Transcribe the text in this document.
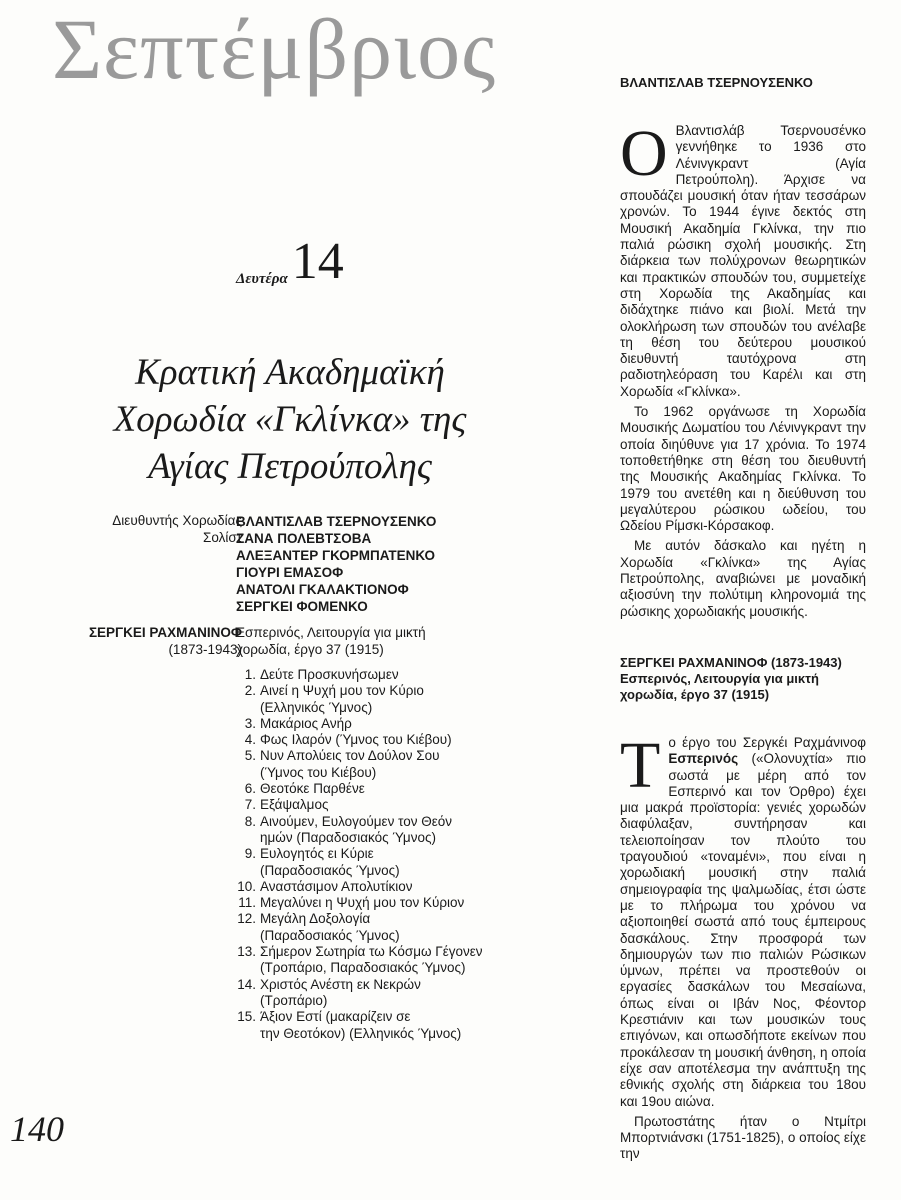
Σεπτέμβριος
Δευτέρα14
Κρατική Ακαδημαϊκή
Χορωδία «Γκλίνκα» της
Αγίας Πετρούπολης
Διευθυντής Χορωδίας
Σολίστ
ΒΛΑΝΤΙΣΛΑΒ ΤΣΕΡΝΟΥΣΕΝΚΟ
ΖΑΝΑ ΠΟΛΕΒΤΣΟΒΑ
ΑΛΕΞΑΝΤΕΡ ΓΚΟΡΜΠΑΤΕΝΚΟ
ΓΙΟΥΡΙ ΕΜΑΣΟΦ
ΑΝΑΤΟΛΙ ΓΚΑΛΑΚΤΙΟΝΟΦ
ΣΕΡΓΚΕΙ ΦΟΜΕΝΚΟ
ΣΕΡΓΚΕΙ ΡΑΧΜΑΝΙΝΟΦ
(1873-1943)
Εσπερινός, Λειτουργία για μικτή
χορωδία, έργο 37 (1915)
1. Δεύτε Προσκυνήσωμεν
2. Αινεί η Ψυχή μου τον Κύριο
(Ελληνικός Ύμνος)
3. Μακάριος Ανήρ
4. Φως Ιλαρόν (Ύμνος του Κιέβου)
5. Νυν Απολύεις τον Δούλον Σου
(Ύμνος του Κιέβου)
6. Θεοτόκε Παρθένε
7. Εξάψαλμος
8. Αινούμεν, Ευλογούμεν τον Θεόν
ημών (Παραδοσιακός Ύμνος)
9. Ευλογητός ει Κύριε
(Παραδοσιακός Ύμνος)
10. Αναστάσιμον Απολυτίκιον
11. Μεγαλύνει η Ψυχή μου τον Κύριον
12. Μεγάλη Δοξολογία
(Παραδοσιακός Ύμνος)
13. Σήμερον Σωτηρία τω Κόσμω Γέγονεν
(Τροπάριο, Παραδοσιακός Ύμνος)
14. Χριστός Ανέστη εκ Νεκρών
(Τροπάριο)
15. Άξιον Εστί (μακαρίζειν σε
την Θεοτόκον) (Ελληνικός Ύμνος)
140
ΒΛΑΝΤΙΣΛΑΒ ΤΣΕΡΝΟΥΣΕΝΚΟ

Ο Βλαντισλάβ Τσερνουσένκο γεννήθηκε το 1936 στο Λένινγκραντ (Αγία Πετρούπολη). Άρχισε να σπουδάζει μουσική όταν ήταν τεσσάρων χρονών. Το 1944 έγινε δεκτός στη Μουσική Ακαδημία Γκλίνκα, την πιο παλιά ρώσικη σχολή μουσικής. Στη διάρκεια των πολύχρονων θεωρητικών και πρακτικών σπουδών του, συμμετείχε στη Χορωδία της Ακαδημίας και διδάχτηκε πιάνο και βιολί. Μετά την ολοκλήρωση των σπουδών του ανέλαβε τη θέση του δεύτερου μουσικού διευθυντή ταυτόχρονα στη ραδιοτηλεόραση του Καρέλι και στη Χορωδία «Γκλίνκα».

Το 1962 οργάνωσε τη Χορωδία Μουσικής Δωματίου του Λένινγκραντ την οποία διηύθυνε για 17 χρόνια. Το 1974 τοποθετήθηκε στη θέση του διευθυντή της Μουσικής Ακαδημίας Γκλίνκα. Το 1979 του ανετέθη και η διεύθυνση του μεγαλύτερου ρώσικου ωδείου, του Ωδείου Ρίμσκι-Κόρσακοφ.

Με αυτόν δάσκαλο και ηγέτη η Χορωδία «Γκλίνκα» της Αγίας Πετρούπολης, αναβιώνει με μοναδική αξιοσύνη την πολύτιμη κληρονομιά της ρώσικης χορωδιακής μουσικής.

ΣΕΡΓΚΕΙ ΡΑΧΜΑΝΙΝΟΦ (1873-1943)
Εσπερινός, Λειτουργία για μικτή
χορωδία, έργο 37 (1915)

Το έργο του Σεργκέι Ραχμάνινοφ Εσπερινός («Ολονυχτία» πιο σωστά με μέρη από τον Εσπερινό και τον Όρθρο) έχει μια μακρά προϊστορία: γενιές χορωδών διαφύλαξαν, συντήρησαν και τελειοποίησαν τον πλούτο του τραγουδιού «τοναμένι», που είναι η χορωδιακή μουσική στην παλιά σημειογραφία της ψαλμωδίας, έτσι ώστε με το πλήρωμα του χρόνου να αξιοποιηθεί σωστά από τους έμπειρους δασκάλους. Στην προσφορά των δημιουργών των πιο παλιών Ρώσικων ύμνων, πρέπει να προστεθούν οι εργασίες δασκάλων του Μεσαίωνα, όπως είναι οι Ιβάν Νος, Φέοντορ Κρεστιάνιν και των μουσικών τους επιγόνων, και οπωσδήποτε εκείνων που προκάλεσαν τη μουσική άνθηση, η οποία είχε σαν αποτέλεσμα την ανάπτυξη της εθνικής σχολής στη διάρκεια του 18ου και 19ου αιώνα.

Πρωτοστάτης ήταν ο Ντμίτρι Μπορτνιάνσκι (1751-1825), ο οποίος είχε την
